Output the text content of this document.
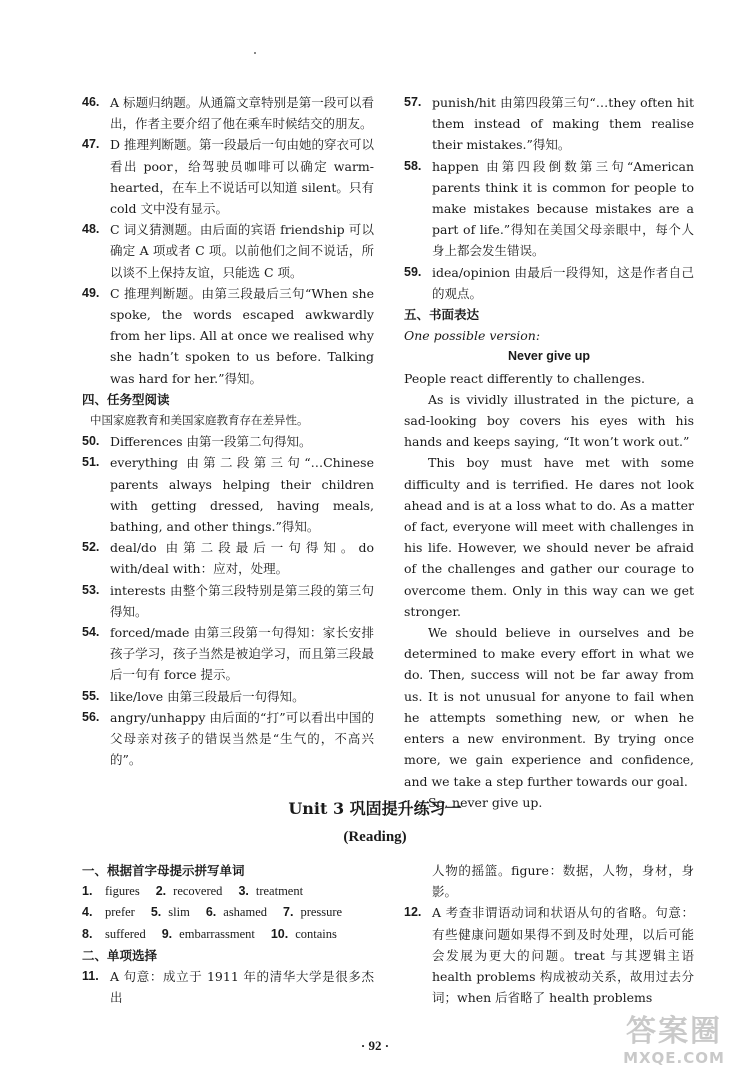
46. A 标题归纳题。从通篇文章特别是第一段可以看出，作者主要介绍了他在乘车时候结交的朋友。
47. D 推理判断题。第一段最后一句由她的穿衣可以看出 poor，给驾驶员咖啡可以确定 warm-hearted，在车上不说话可以知道 silent。只有 cold 文中没有显示。
48. C 词义猜测题。由后面的宾语 friendship 可以确定 A 项或者 C 项。以前他们之间不说话，所以谈不上保持友谊，只能选 C 项。
49. C 推理判断题。由第三段最后三句“When she spoke, the words escaped awkwardly from her lips. All at once we realised why she hadn’t spoken to us before. Talking was hard for her.”得知。
四、任务型阅读
中国家庭教育和美国家庭教育存在差异性。
50. Differences 由第一段第二句得知。
51. everything 由第二段第三句“…Chinese parents always helping their children with getting dressed, having meals, bathing, and other things.”得知。
52. deal/do 由第二段最后一句得知。do with/deal with：应对，处理。
53. interests 由整个第三段特别是第三段的第三句得知。
54. forced/made 由第三段第一句得知：家长安排孩子学习，孩子当然是被迫学习，而且第三段最后一句有 force 提示。
55. like/love 由第三段最后一句得知。
56. angry/unhappy 由后面的“打”可以看出中国的父母亲对孩子的错误当然是“生气的，不高兴的”。
57. punish/hit 由第四段第三句“…they often hit them instead of making them realise their mistakes.”得知。
58. happen 由第四段倒数第三句“American parents think it is common for people to make mistakes because mistakes are a part of life.”得知在美国父母亲眼中，每个人身上都会发生错误。
59. idea/opinion 由最后一段得知，这是作者自己的观点。
五、书面表达
One possible version:
Never give up
People react differently to challenges.
As is vividly illustrated in the picture, a sad-looking boy covers his eyes with his hands and keeps saying, “It won’t work out.”
This boy must have met with some difficulty and is terrified. He dares not look ahead and is at a loss what to do. As a matter of fact, everyone will meet with challenges in his life. However, we should never be afraid of the challenges and gather our courage to overcome them. Only in this way can we get stronger.
We should believe in ourselves and be determined to make every effort in what we do. Then, success will not be far away from us. It is not unusual for anyone to fail when he attempts something new, or when he enters a new environment. By trying once more, we gain experience and confidence, and we take a step further towards our goal.
So, never give up.
Unit 3 巩固提升练习一
(Reading)
一、根据首字母提示拼写单词
1.	figures 2. recovered 3. treatment
4.	prefer 5. slim 6. ashamed 7. pressure
8.	suffered 9. embarrassment 10. contains
二、单项选择
11. A 句意：成立于 1911 年的清华大学是很多杰出
人物的摇篮。figure：数据，人物，身材，身影。
12. A 考查非谓语动词和状语从句的省略。句意：有些健康问题如果得不到及时处理，以后可能会发展为更大的问题。treat 与其逻辑主语 health problems 构成被动关系，故用过去分词；when 后省略了 health problems
· 92 ·	答案圈
MXQE.COM
